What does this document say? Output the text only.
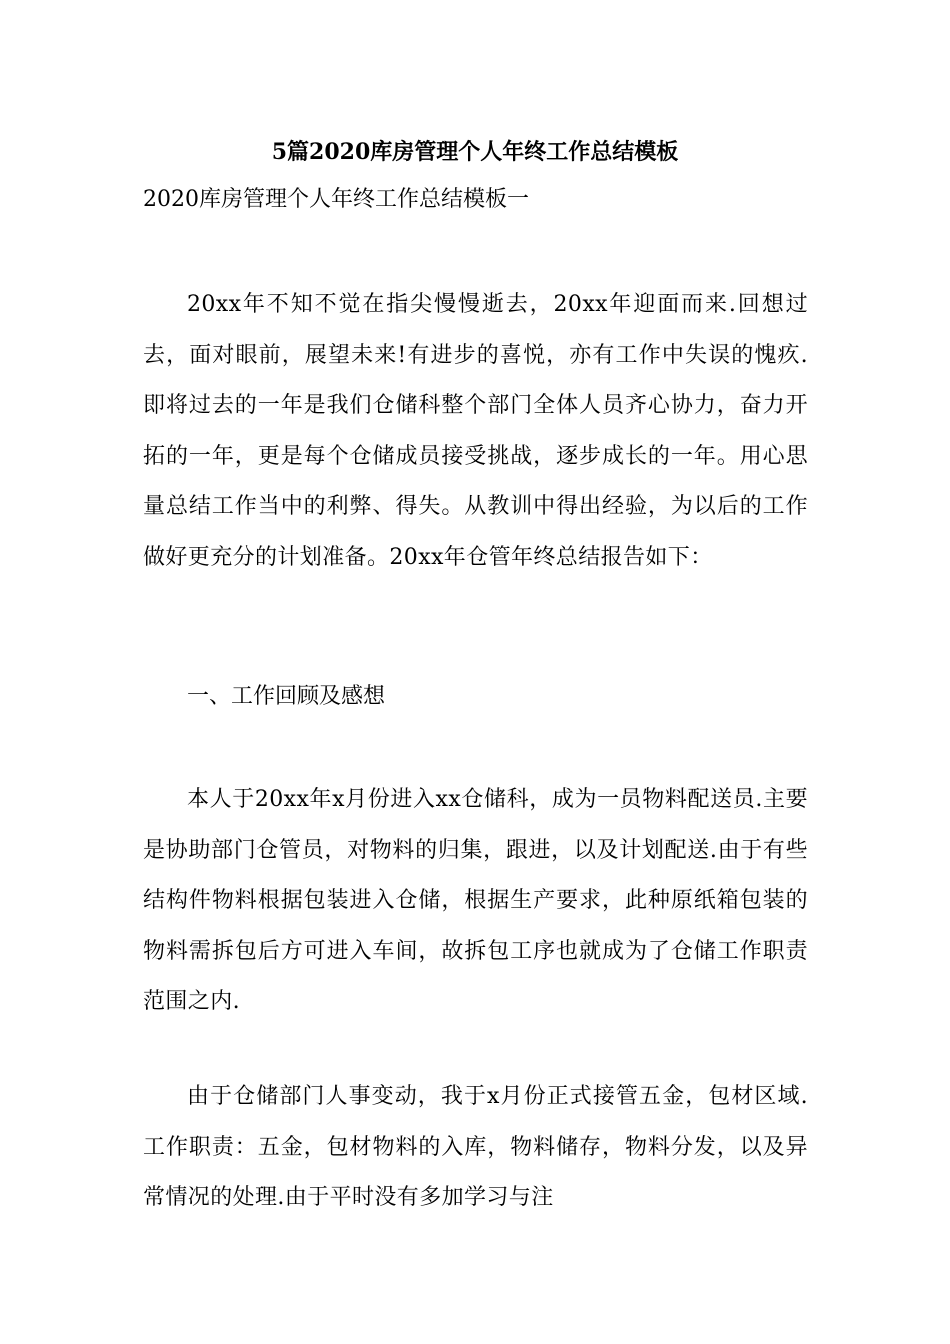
5篇2020库房管理个人年终工作总结模板
2020库房管理个人年终工作总结模板一

20xx年不知不觉在指尖慢慢逝去，20xx年迎面而来.回想过去，面对眼前，展望未来!有进步的喜悦，亦有工作中失误的愧疚.即将过去的一年是我们仓储科整个部门全体人员齐心协力，奋力开拓的一年，更是每个仓储成员接受挑战，逐步成长的一年。用心思量总结工作当中的利弊、得失。从教训中得出经验，为以后的工作做好更充分的计划准备。20xx年仓管年终总结报告如下：

一、工作回顾及感想

本人于20xx年x月份进入xx仓储科，成为一员物料配送员.主要是协助部门仓管员，对物料的归集，跟进，以及计划配送.由于有些结构件物料根据包装进入仓储，根据生产要求，此种原纸箱包装的物料需拆包后方可进入车间，故拆包工序也就成为了仓储工作职责范围之内.

由于仓储部门人事变动，我于x月份正式接管五金，包材区域.工作职责：五金，包材物料的入库，物料储存，物料分发，以及异常情况的处理.由于平时没有多加学习与注
